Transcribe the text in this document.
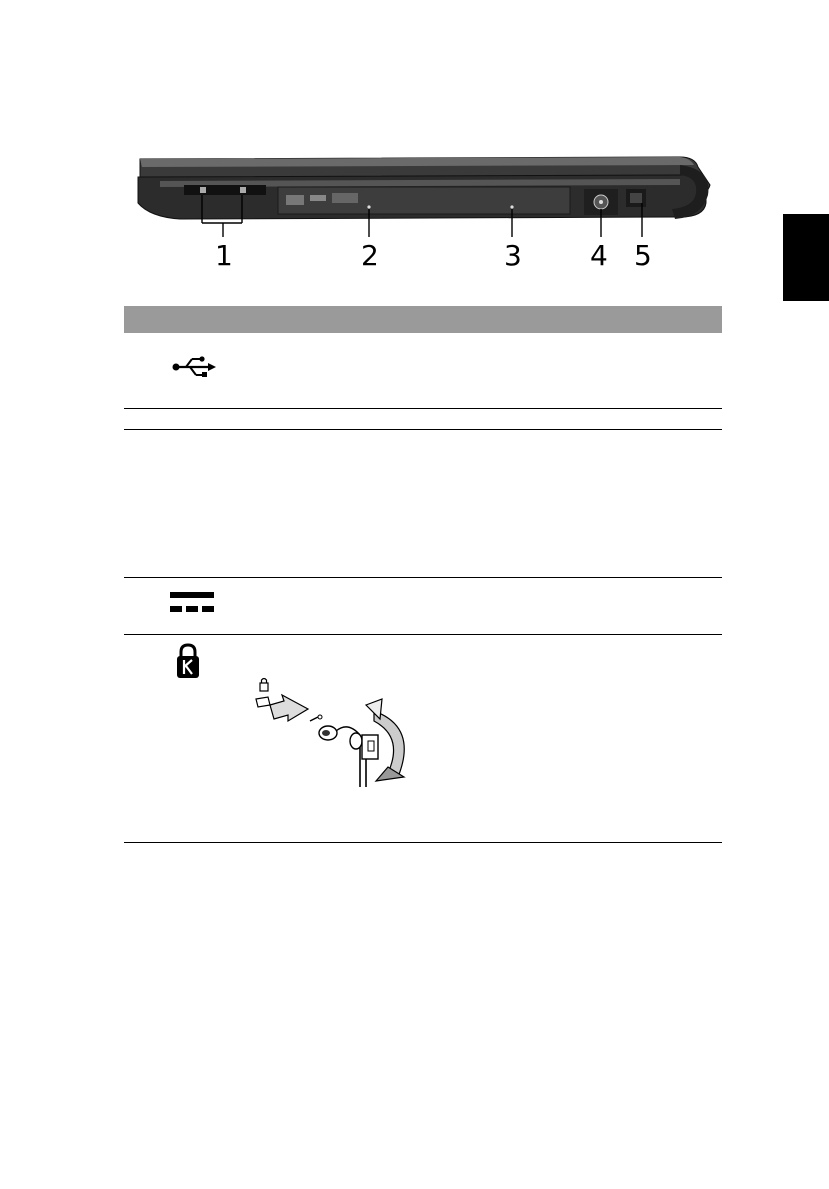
1	2	3 4 5
